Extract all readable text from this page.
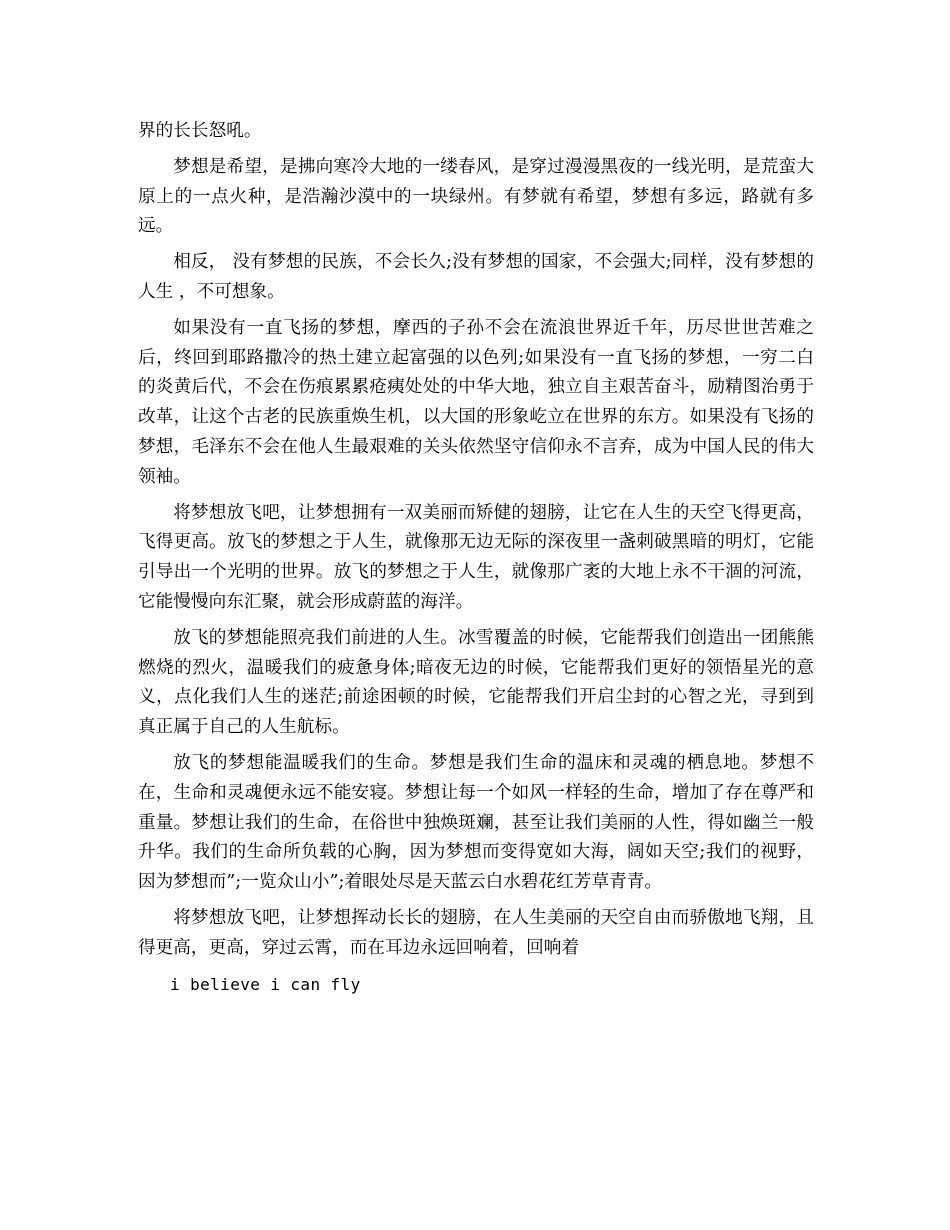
界的长长怒吼。

梦想是希望，是拂向寒冷大地的一缕春风，是穿过漫漫黑夜的一线光明，是荒蛮大原上的一点火种，是浩瀚沙漠中的一块绿州。有梦就有希望，梦想有多远，路就有多远。

相反， 没有梦想的民族，不会长久;没有梦想的国家，不会强大;同样，没有梦想的人生 ，不可想象。

如果没有一直飞扬的梦想，摩西的子孙不会在流浪世界近千年，历尽世世苦难之后，终回到耶路撒冷的热土建立起富强的以色列;如果没有一直飞扬的梦想，一穷二白的炎黄后代，不会在伤痕累累疮痍处处的中华大地，独立自主艰苦奋斗，励精图治勇于改革，让这个古老的民族重焕生机，以大国的形象屹立在世界的东方。如果没有飞扬的梦想，毛泽东不会在他人生最艰难的关头依然坚守信仰永不言弃，成为中国人民的伟大领袖。

将梦想放飞吧，让梦想拥有一双美丽而矫健的翅膀，让它在人生的天空飞得更高，飞得更高。放飞的梦想之于人生，就像那无边无际的深夜里一盏刺破黑暗的明灯，它能引导出一个光明的世界。放飞的梦想之于人生，就像那广袤的大地上永不干涸的河流，它能慢慢向东汇聚，就会形成蔚蓝的海洋。

放飞的梦想能照亮我们前进的人生。冰雪覆盖的时候，它能帮我们创造出一团熊熊燃烧的烈火，温暖我们的疲惫身体;暗夜无边的时候，它能帮我们更好的领悟星光的意义，点化我们人生的迷茫;前途困顿的时候，它能帮我们开启尘封的心智之光，寻到到真正属于自己的人生航标。

放飞的梦想能温暖我们的生命。梦想是我们生命的温床和灵魂的栖息地。梦想不在，生命和灵魂便永远不能安寝。梦想让每一个如风一样轻的生命，增加了存在尊严和重量。梦想让我们的生命，在俗世中独焕斑斓，甚至让我们美丽的人性，得如幽兰一般升华。我们的生命所负载的心胸，因为梦想而变得宽如大海，阔如天空;我们的视野，因为梦想而”;一览众山小”;着眼处尽是天蓝云白水碧花红芳草青青。

将梦想放飞吧，让梦想挥动长长的翅膀，在人生美丽的天空自由而骄傲地飞翔，且得更高，更高，穿过云霄，而在耳边永远回响着，回响着

i believe i can fly
